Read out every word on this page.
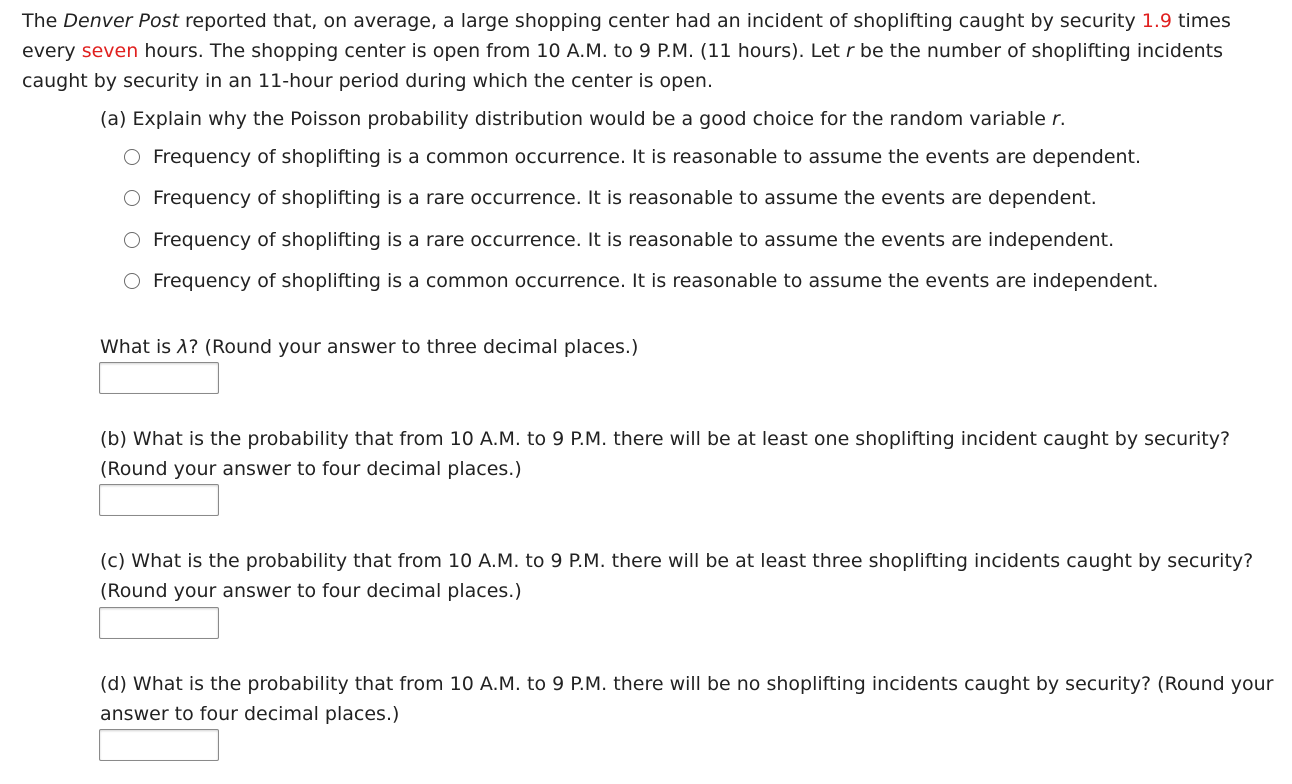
The Denver Post reported that, on average, a large shopping center had an incident of shoplifting caught by security 1.9 times every seven hours. The shopping center is open from 10 A.M. to 9 P.M. (11 hours). Let r be the number of shoplifting incidents caught by security in an 11-hour period during which the center is open.
(a) Explain why the Poisson probability distribution would be a good choice for the random variable r.
Frequency of shoplifting is a common occurrence. It is reasonable to assume the events are dependent.
Frequency of shoplifting is a rare occurrence. It is reasonable to assume the events are dependent.
Frequency of shoplifting is a rare occurrence. It is reasonable to assume the events are independent.
Frequency of shoplifting is a common occurrence. It is reasonable to assume the events are independent.
What is λ? (Round your answer to three decimal places.)
(b) What is the probability that from 10 A.M. to 9 P.M. there will be at least one shoplifting incident caught by security? (Round your answer to four decimal places.)
(c) What is the probability that from 10 A.M. to 9 P.M. there will be at least three shoplifting incidents caught by security? (Round your answer to four decimal places.)
(d) What is the probability that from 10 A.M. to 9 P.M. there will be no shoplifting incidents caught by security? (Round your answer to four decimal places.)
